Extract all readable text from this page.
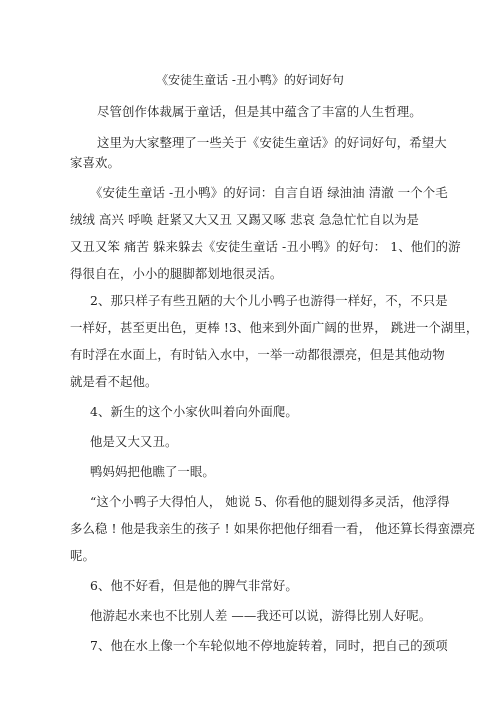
《安徒生童话 -丑小鸭》的好词好句
尽管创作体裁属于童话，但是其中蕴含了丰富的人生哲理。
这里为大家整理了一些关于《安徒生童话》的好词好句，希望大
家喜欢。
《安徒生童话 -丑小鸭》的好词：自言自语 绿油油 清澈 一个个毛
绒绒 高兴 呼唤 赶紧又大又丑 又踢又啄 悲哀 急急忙忙自以为是
又丑又笨 痛苦 躲来躲去《安徒生童话 -丑小鸭》的好句： 1、他们的游
得很自在，小小的腿脚都划地很灵活。
2、那只样子有些丑陋的大个儿小鸭子也游得一样好，不，不只是
一样好，甚至更出色，更棒 !3、他来到外面广阔的世界， 跳进一个湖里，
有时浮在水面上，有时钻入水中，一举一动都很漂亮，但是其他动物
就是看不起他。
4、新生的这个小家伙叫着向外面爬。
他是又大又丑。
鸭妈妈把他瞧了一眼。
“这个小鸭子大得怕人， 她说 5、你看他的腿划得多灵活，他浮得
多么稳 ! 他是我亲生的孩子 ! 如果你把他仔细看一看， 他还算长得蛮漂亮
呢。
6、他不好看，但是他的脾气非常好。
他游起水来也不比别人差 ——我还可以说，游得比别人好呢。
7、他在水上像一个车轮似地不停地旋转着，同时，把自己的颈项
